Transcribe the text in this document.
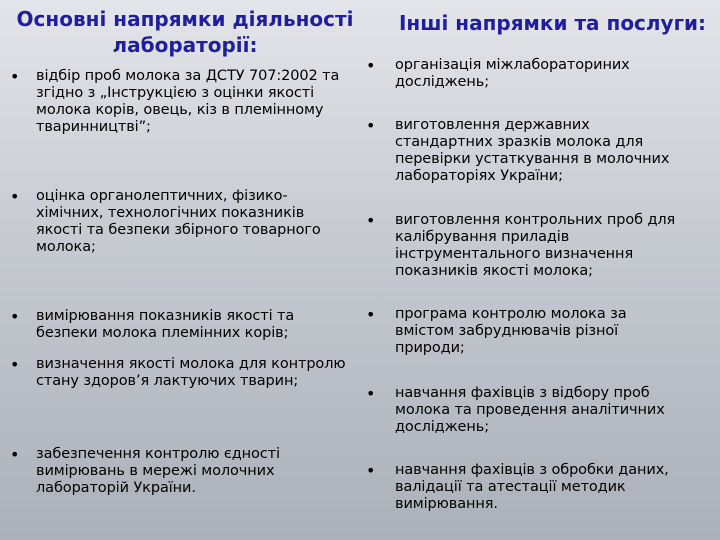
Основні напрямки діяльності лабораторії:
Інші напрямки та послуги:
• відбір проб молока за ДСТУ 707:2002 та згідно з „Інструкцією з оцінки якості молока корів, овець, кіз в племінному тваринництві”;
• оцінка органолептичних, фізико-хімічних, технологічних показників якості та безпеки збірного товарного молока;
• вимірювання показників якості та безпеки молока племінних корів;
• визначення якості молока для контролю стану здоров’я лактуючих тварин;
• забезпечення контролю єдності вимірювань в мережі молочних лабораторій України.
• організація міжлабораториних досліджень;
• виготовлення державних стандартних зразків молока для перевірки устаткування в молочних лабораторіях України;
• виготовлення контрольних проб для калібрування приладів інструментального визначення показників якості молока;
• програма контролю молока за вмістом забруднювачів різної природи;
• навчання фахівців з відбору проб молока та проведення аналітичних досліджень;
• навчання фахівців з обробки даних, валідації та атестації методик вимірювання.
